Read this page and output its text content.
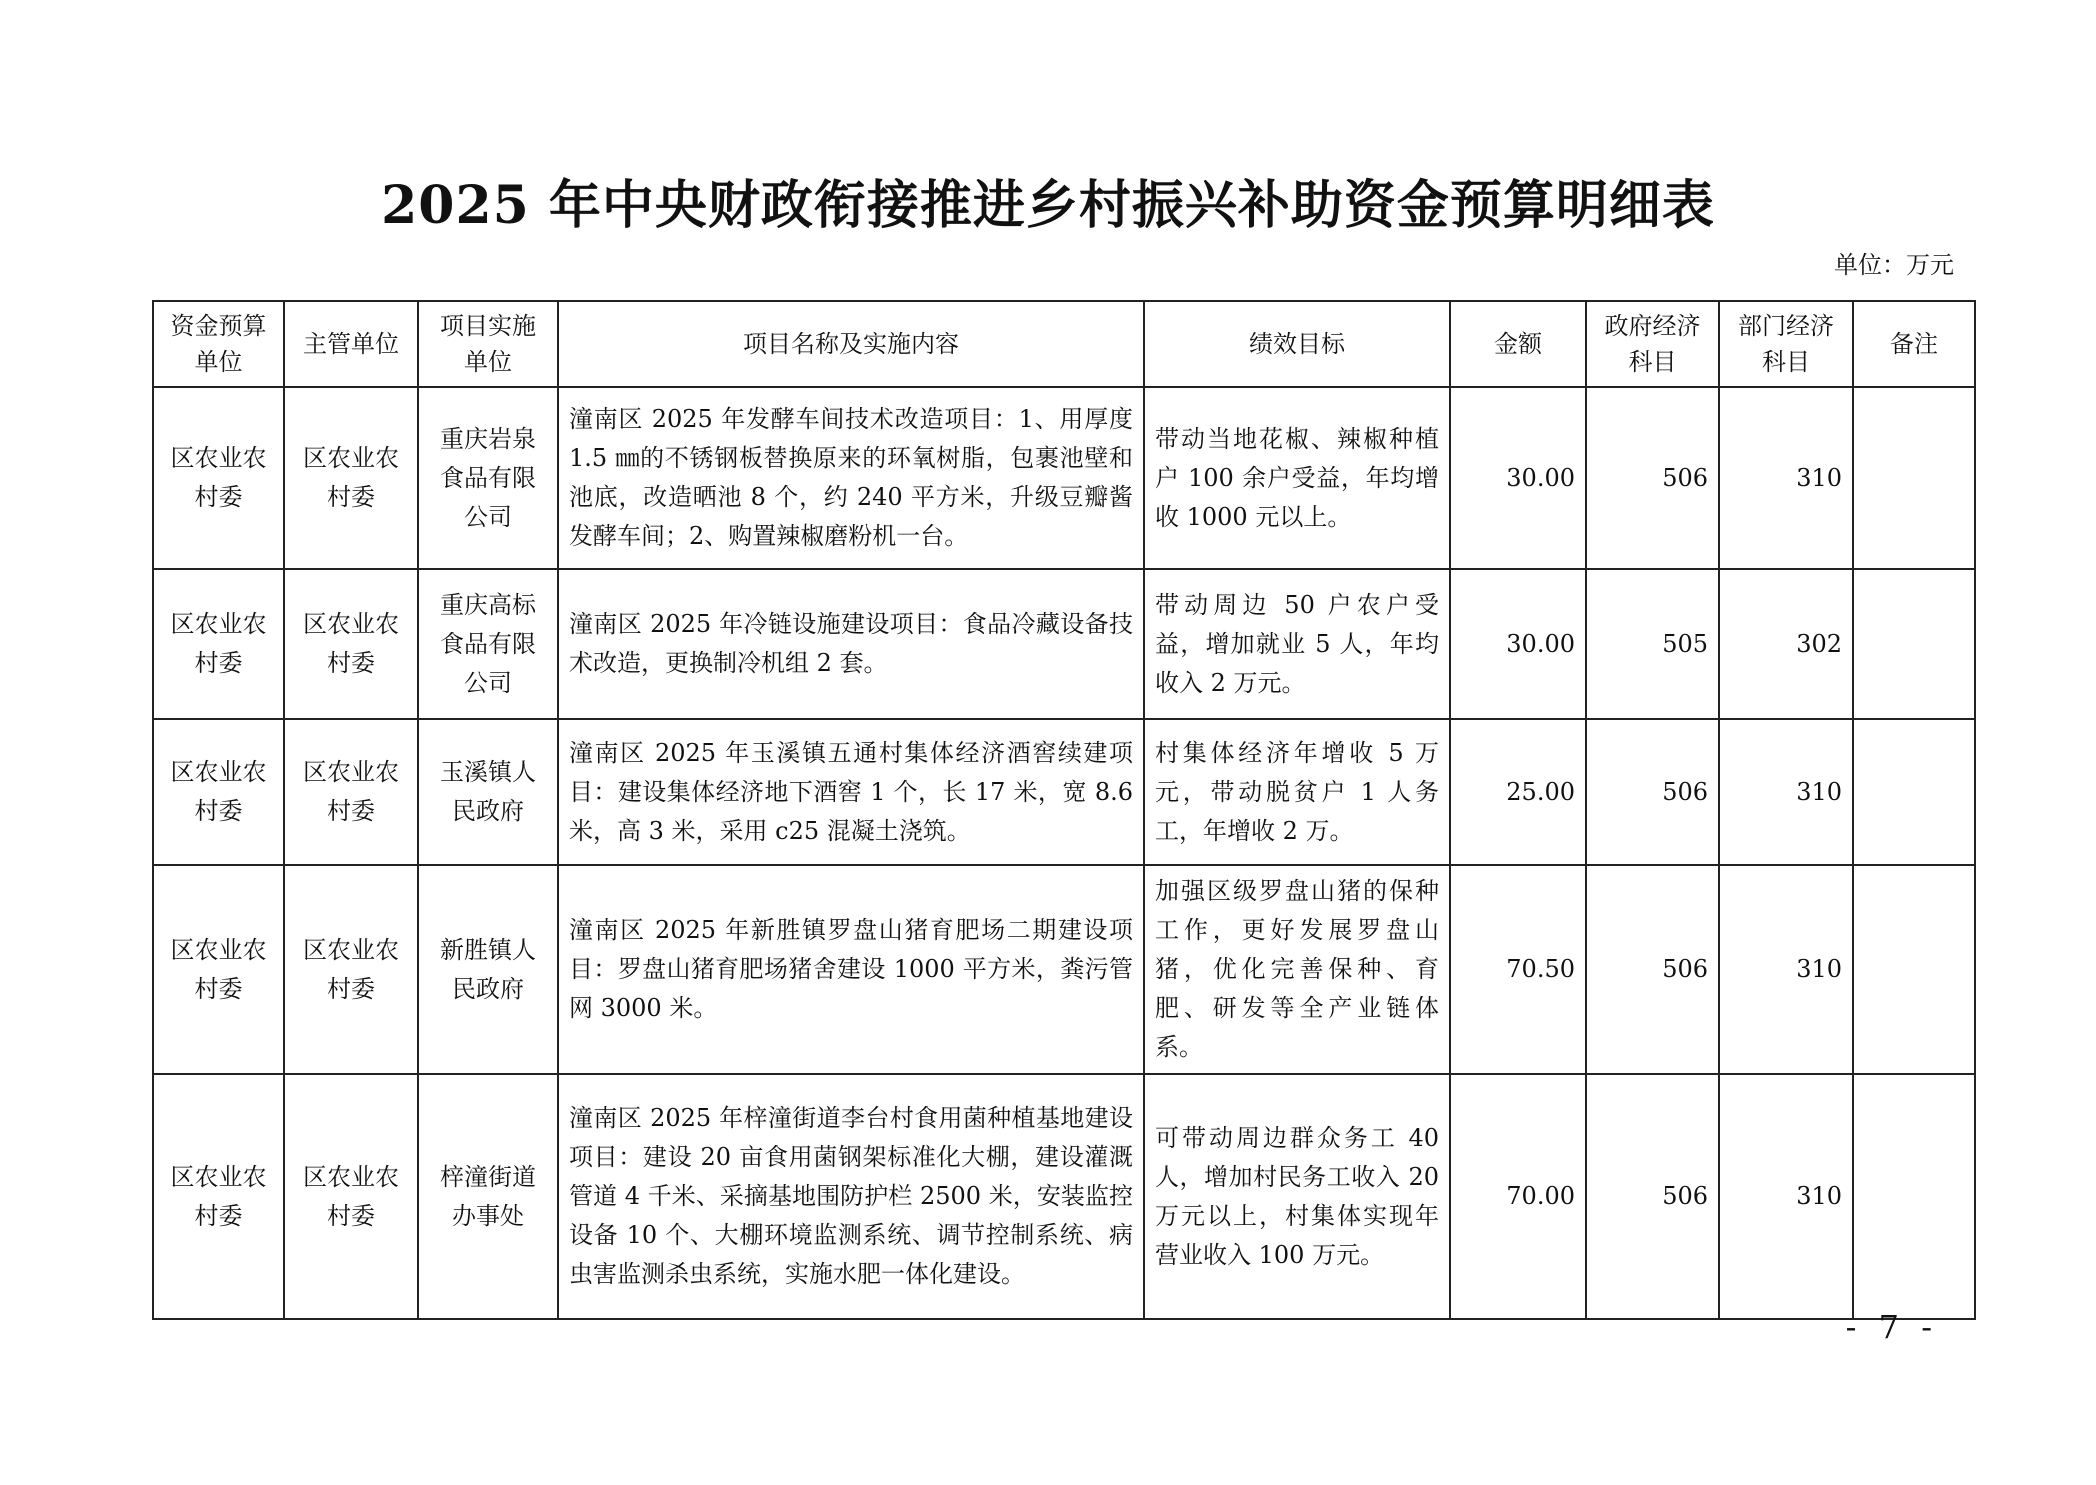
2025 年中央财政衔接推进乡村振兴补助资金预算明细表
单位：万元
资金预算单位	主管单位	项目实施单位	项目名称及实施内容	绩效目标	金额	政府经济科目	部门经济科目	备注
区农业农村委	区农业农村委	重庆岩泉食品有限公司	潼南区 2025 年发酵车间技术改造项目：1、用厚度 1.5 ㎜的不锈钢板替换原来的环氧树脂，包裹池壁和池底，改造晒池 8 个，约 240 平方米，升级豆瓣酱发酵车间；2、购置辣椒磨粉机一台。	带动当地花椒、辣椒种植户 100 余户受益，年均增收 1000 元以上。	30.00	506	310	
区农业农村委	区农业农村委	重庆高标食品有限公司	潼南区 2025 年冷链设施建设项目：食品冷藏设备技术改造，更换制冷机组 2 套。	带动周边 50 户农户受益，增加就业 5 人，年均收入 2 万元。	30.00	505	302	
区农业农村委	区农业农村委	玉溪镇人民政府	潼南区 2025 年玉溪镇五通村集体经济酒窖续建项目：建设集体经济地下酒窖 1 个，长 17 米，宽 8.6 米，高 3 米，采用 c25 混凝土浇筑。	村集体经济年增收 5 万元，带动脱贫户 1 人务工，年增收 2 万。	25.00	506	310	
区农业农村委	区农业农村委	新胜镇人民政府	潼南区 2025 年新胜镇罗盘山猪育肥场二期建设项目：罗盘山猪育肥场猪舍建设 1000 平方米，粪污管网 3000 米。	加强区级罗盘山猪的保种工作，更好发展罗盘山猪，优化完善保种、育肥、研发等全产业链体系。	70.50	506	310	
区农业农村委	区农业农村委	梓潼街道办事处	潼南区 2025 年梓潼街道李台村食用菌种植基地建设项目：建设 20 亩食用菌钢架标准化大棚，建设灌溉管道 4 千米、采摘基地围防护栏 2500 米，安装监控设备 10 个、大棚环境监测系统、调节控制系统、病虫害监测杀虫系统，实施水肥一体化建设。	可带动周边群众务工 40 人，增加村民务工收入 20 万元以上，村集体实现年营业收入 100 万元。	70.00	506	310	
- 7 -
